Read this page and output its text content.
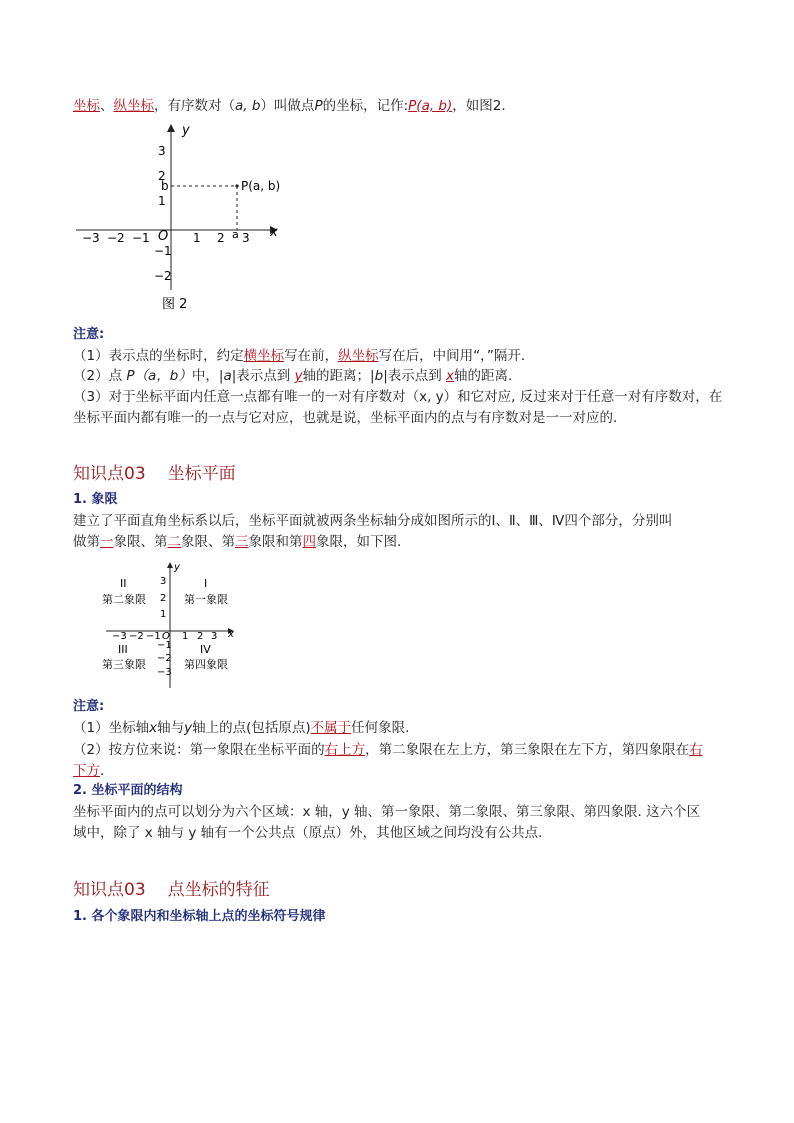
坐标、纵坐标，有序数对（a, b）叫做点P的坐标，记作:P(a, b)，如图2.
y
x
O
−3 −2 −1	1 2 3
3
2
1
−1
−2
P(a, b)
b
a
图 2
注意:
（1）表示点的坐标时，约定横坐标写在前，纵坐标写在后，中间用“，”隔开.
（2）点 P（a，b）中，|a|表示点到 y轴的距离；|b|表示点到 x轴的距离.
（3）对于坐标平面内任意一点都有唯一的一对有序数对（x, y）和它对应, 反过来对于任意一对有序数对，在
坐标平面内都有唯一的一点与它对应，也就是说，坐标平面内的点与有序数对是一一对应的.
知识点03 坐标平面
1. 象限
建立了平面直角坐标系以后，坐标平面就被两条坐标轴分成如图所示的Ⅰ、Ⅱ、Ⅲ、Ⅳ四个部分，分别叫
做第一象限、第二象限、第三象限和第四象限，如下图.
y
x
O
−3 −2 −1 1 2 3
3
2
1
−1
−2
−3
II
第二象限
I
第一象限
III
第三象限
IV
第四象限
注意:
（1）坐标轴x轴与y轴上的点(包括原点)不属于任何象限.
（2）按方位来说：第一象限在坐标平面的右上方，第二象限在左上方，第三象限在左下方，第四象限在右
下方.
2. 坐标平面的结构
坐标平面内的点可以划分为六个区域：x 轴，y 轴、第一象限、第二象限、第三象限、第四象限. 这六个区
域中，除了 x 轴与 y 轴有一个公共点（原点）外，其他区域之间均没有公共点.
知识点03 点坐标的特征
1. 各个象限内和坐标轴上点的坐标符号规律
